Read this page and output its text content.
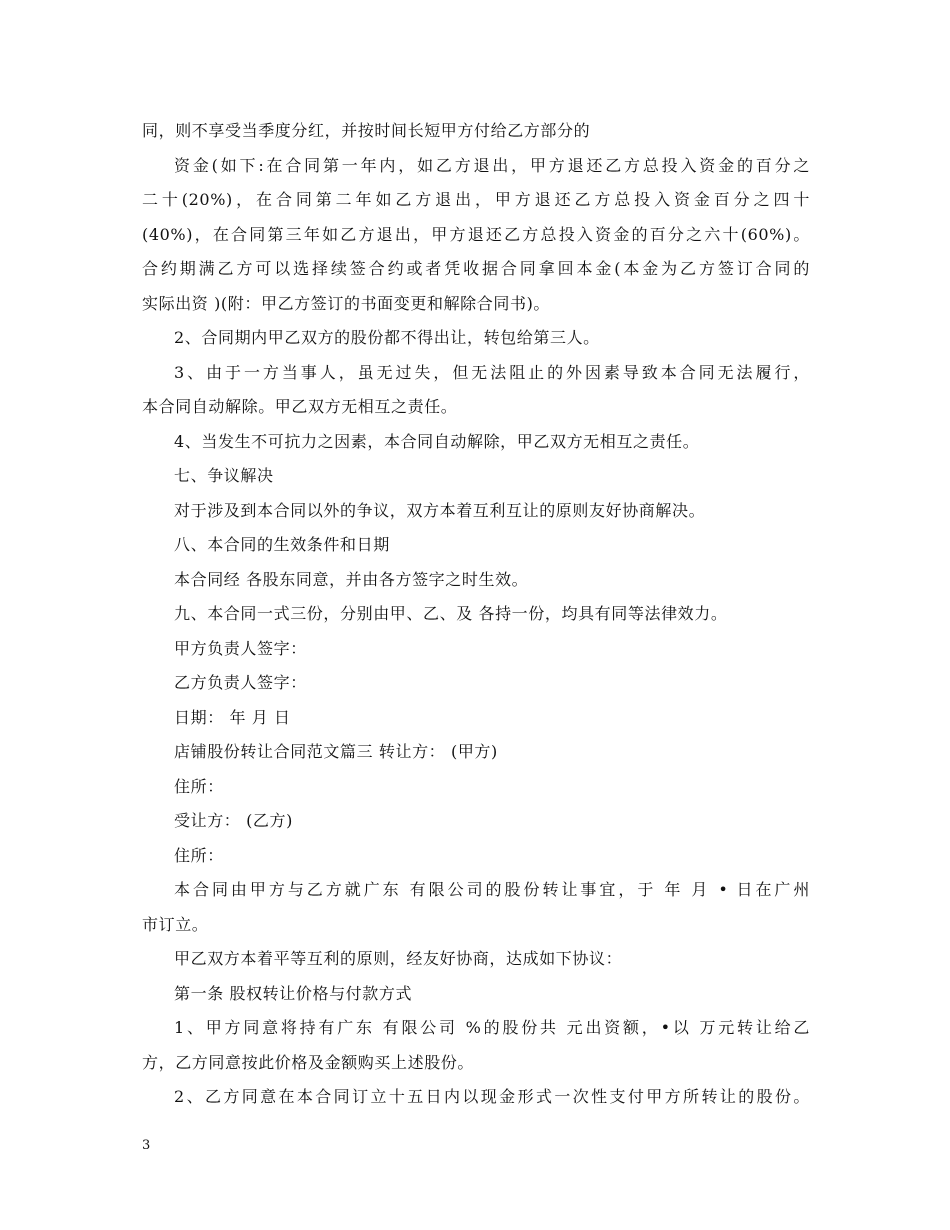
同，则不享受当季度分红，并按时间长短甲方付给乙方部分的
资金(如下:在合同第一年内，如乙方退出，甲方退还乙方总投入资金的百分之
二十(20%)，在合同第二年如乙方退出，甲方退还乙方总投入资金百分之四十
(40%)，在合同第三年如乙方退出，甲方退还乙方总投入资金的百分之六十(60%)。
合约期满乙方可以选择续签合约或者凭收据合同拿回本金(本金为乙方签订合同的
实际出资 )(附：甲乙方签订的书面变更和解除合同书)。
2、合同期内甲乙双方的股份都不得出让，转包给第三人。
3、由于一方当事人，虽无过失，但无法阻止的外因素导致本合同无法履行，
本合同自动解除。甲乙双方无相互之责任。
4、当发生不可抗力之因素，本合同自动解除，甲乙双方无相互之责任。
七、争议解决
对于涉及到本合同以外的争议，双方本着互利互让的原则友好协商解决。
八、本合同的生效条件和日期
本合同经 各股东同意，并由各方签字之时生效。
九、本合同一式三份，分别由甲、乙、及 各持一份，均具有同等法律效力。
甲方负责人签字：
乙方负责人签字：
日期： 年 月 日
店铺股份转让合同范文篇三 转让方： (甲方)
住所：
受让方： (乙方)
住所：
本合同由甲方与乙方就广东 有限公司的股份转让事宜，于 年 月 • 日在广州
市订立。
甲乙双方本着平等互利的原则，经友好协商，达成如下协议：
第一条 股权转让价格与付款方式
1、甲方同意将持有广东 有限公司 %的股份共 元出资额，•以 万元转让给乙
方，乙方同意按此价格及金额购买上述股份。
2、乙方同意在本合同订立十五日内以现金形式一次性支付甲方所转让的股份。
3
